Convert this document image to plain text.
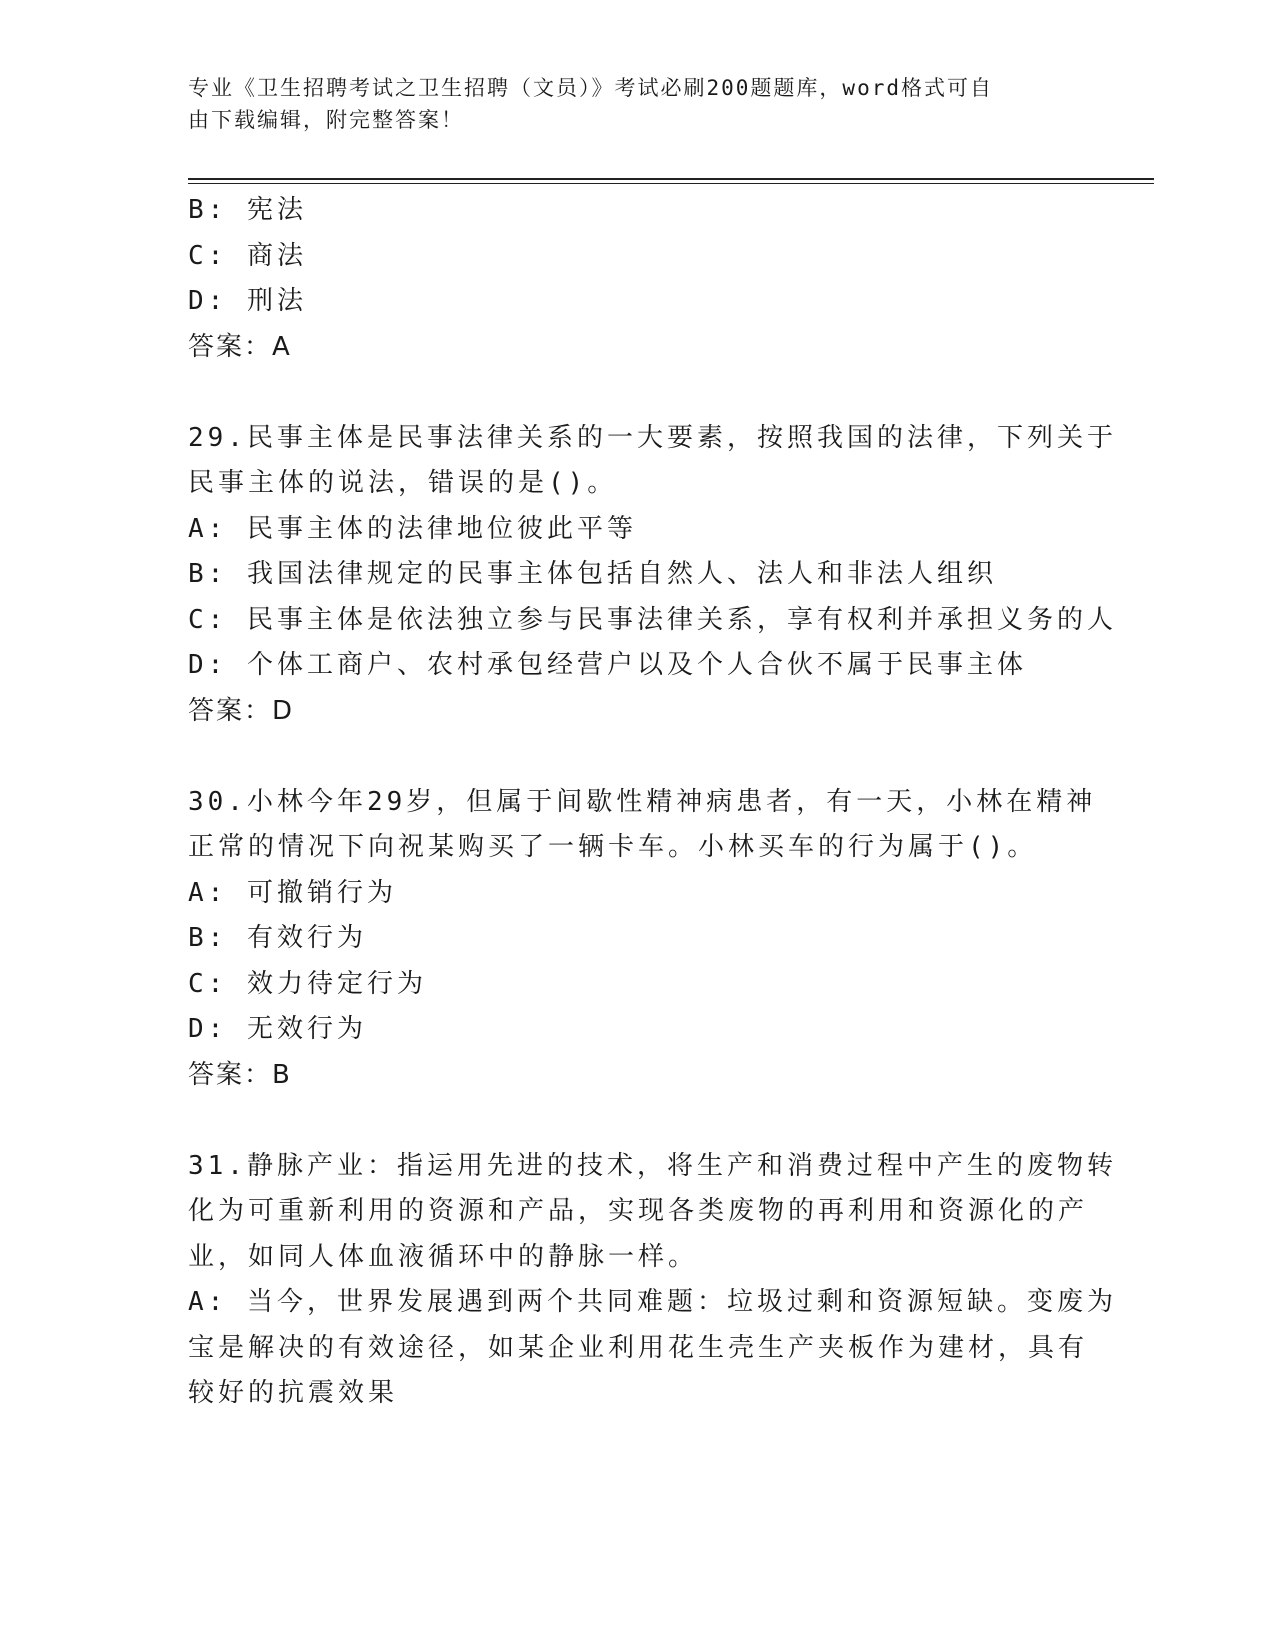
专业《卫生招聘考试之卫生招聘（文员）》考试必刷200题题库，word格式可自
由下载编辑，附完整答案！
B: 宪法
C: 商法
D: 刑法
答案：A
29.民事主体是民事法律关系的一大要素，按照我国的法律，下列关于
民事主体的说法，错误的是()。
A: 民事主体的法律地位彼此平等
B: 我国法律规定的民事主体包括自然人、法人和非法人组织
C: 民事主体是依法独立参与民事法律关系，享有权利并承担义务的人
D: 个体工商户、农村承包经营户以及个人合伙不属于民事主体
答案：D
30.小林今年29岁，但属于间歇性精神病患者，有一天，小林在精神
正常的情况下向祝某购买了一辆卡车。小林买车的行为属于()。
A: 可撤销行为
B: 有效行为
C: 效力待定行为
D: 无效行为
答案：B
31.静脉产业：指运用先进的技术，将生产和消费过程中产生的废物转
化为可重新利用的资源和产品，实现各类废物的再利用和资源化的产
业，如同人体血液循环中的静脉一样。
A: 当今，世界发展遇到两个共同难题：垃圾过剩和资源短缺。变废为
宝是解决的有效途径，如某企业利用花生壳生产夹板作为建材，具有
较好的抗震效果
